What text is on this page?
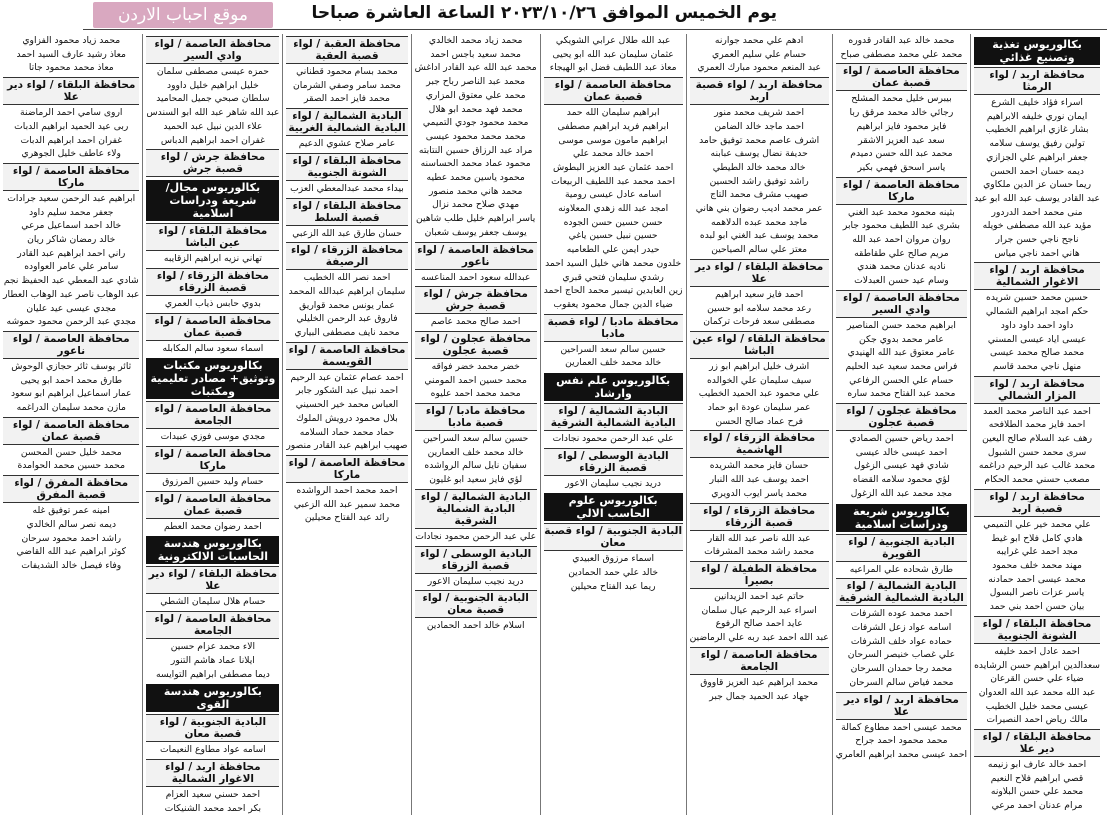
يوم الخميس الموافق ٢٠٢٣/١٠/٢٦ الساعة العاشرة صباحا
موقع احباب الاردن
بكالوريوس تغذية وتصنيع غذائي
محافظة اربد / لواء الرمثا
اسراء فؤاد خليف الشرع
ايمان نوري خليفه الابراهيم
بشار غازي ابراهيم الخطيب
تولين رفيق يوسف سلامه
جعفر ابراهيم علي الجزازي
ديمه حسان احمد الحسن
ريما حسان عز الدين ملكاوي
عبد القادر يوسف عبد الله ابو عيد
منى محمد احمد الدردور
مؤيد عبد الله مصطفى خويله
ناجح ناجي حسن جرار
هاني احمد ناجي مياس
محافظة اربد / لواء الاغوار الشمالية
حسين محمد حسين شريده
حكم امجد ابراهيم الشمالي
داود احمد داود داود
عيسى اياد عيسى المسني
محمد صالح محمد عيسى
منهل ناجي محمد قاسم
محافظة اربد / لواء المزار الشمالي
احمد عبد الناصر محمد العمد
احمد فايز محمد الطلافحه
رهف عبد السلام صالح اليعين
سرى محمد حسن الشبول
محمد غالب عبد الرحيم دراغمه
مصعب حسني محمد الحكام
محافظة اربد / لواء قصبة اربد
علي محمد خير علي التميمي
هادي كامل فلاح ابو غيط
مجد احمد علي غرايبه
مهند محمد خلف محمود
محمد عيسى احمد حمادنه
ياسر عزات ناصر البسول
بيان حسن احمد بني حمد
محافظة البلقاء / لواء الشونة الجنوبية
احمد عادل احمد خليفه
سعدالدين ابراهيم حسن الرشايده
ضياء علي حسن القرعان
عبد الله محمد عبد الله العدوان
عيسى محمد خليل الخطيب
مالك رياض احمد النصيرات
محافظة البلقاء / لواء دير علا
احمد خالد عارف ابو زنيمه
قصي ابراهيم فلاح النعيم
محمد علي حسن البلاونه
مرام عدنان احمد مرعي
محمد خالد عبد القادر قدوره
محمد علي محمد مصطفى صباح
محافظة العاصمة / لواء قصبة عمان
بيبرس خليل محمد المشلح
رجائي خالد محمد مرقق ربا
فايز محمود فايز ابراهيم
سعد عبد العزيز الاشقر
محمد عبد الله حسن دميدم
ياسر اسحق فهمي بكير
محافظة العاصمة / لواء ماركا
بثينه محمود محمد عبد الغني
بشرى عبد اللطيف محمود جابر
روان مروان احمد عبد الله
مريم صالح علي طقاطقه
ناديه عدنان محمد هندي
وسام عيد حسن العبدلات
محافظة العاصمة / لواء وادي السير
ابراهيم محمد حسن المناصير
عامر محمد بدوي جكن
عامر معتوق عبد الله الهنيدي
فراس محمد سعيد عبد الحليم
حسام علي الحسن الرفاعي
محمد عبد الفتاح محمد ساره
محافظة عجلون / لواء قصبة عجلون
احمد رياض حسين الصمادي
احمد عيسى خالد عيسى
شادي فهد عيسى الزغول
لؤي محمود سلامه القضاه
مجد محمد عبد الله الزغول
بكالوريوس شريعة ودراسات اسلامية
البادية الجنوبية / لواء القويرة
طارق شحاده علي المراعيه
البادية الشمالية / لواء البادية الشمالية الشرقية
احمد محمد عوده الشرفات
اسامه عواد زعل الشرفات
حماده عواد خلف الشرفات
علي غصاب خنيصر السرحان
محمد رجا حمدان السرحان
محمد فياض سالم السرحان
محافظة اربد / لواء دير علا
محمد عيسى احمد مطاوع كمالة
محمد محمود احمد جراح
احمد عيسى محمد ابراهيم العامري
ادهم علي محمد جوارنه
حسام علي سليم العمري
عبد المنعم محمود مبارك العمري
محافظة اربد / لواء قصبة اربد
احمد شريف محمد منور
احمد ماجد خالد الضامن
اشرف عاصم محمد توفيق حامد
حديفة نضال يوسف عبابنه
خالد محمد خالد الطيطي
راشد توفيق راشد الحسين
صهيب مشرف محمد التاج
عمر محمد اديب رضوان بني هاني
ماجد محمد عبده الدلاهمه
محمد يوسف عبد الغني ابو لبده
معتز علي سالم الصياحين
محافظة البلقاء / لواء دير علا
احمد فايز سعيد ابراهيم
رعد محمد سلامه ابو حسين
مصطفى سعد فرحات تركمان
محافظة البلقاء / لواء عين الباشا
اشرف خليل ابراهيم ابو زر
سيف سليمان علي الخوالده
علي محمود عبد الحميد الخطيب
عمر سليمان عودة ابو حماد
فرح عماد صالح الحسن
محافظة الزرقاء / لواء الهاشمية
حسان فايز محمد الشريده
احمد يوسف عبد الله النبار
محمد ياسر ايوب الدويري
محافظة الزرقاء / لواء قصبة الزرقاء
عبد الله ناصر عبد الله القار
محمد راشد محمد المشرفات
محافظة الطفيلة / لواء بصيرا
حاتم عيد احمد الزيدانين
اسراء عبد الرحيم عيال سلمان
عايد احمد صالح الرفوع
عبد الله احمد عبد ربه علي الرماضين
محافظة العاصمة / لواء الجامعة
محمد ابراهيم عبد العزيز قاووق
جهاد عبد الحميد جمال جبر
عبد الله طلال عرابي الشويكي
عثمان سليمان عبد الله ابو يحيى
معاذ عبد اللطيف فضل ابو الهيجاء
محافظة العاصمة / لواء قصبة عمان
ابراهيم سليمان الله حمد
ابراهيم فريد ابراهيم مصطفى
ابراهيم مامون موسى موسى
احمد خالد محمد علي
احمد عثمان عبد العزيز البطوش
احمد محمد عبد اللطيف الربيعات
اسامه عادل عيسى رومية
امجد عبد الله زهدي المعلاونه
حسن حسين حسن الجوده
حسين نبيل حسين ياغي
حيدر ايمن علي الطعاميه
خلدون محمد هاني خليل السيد احمد
رشدي سليمان فتحي قبري
زين العابدين تيسير محمد الحاج احمد
ضياء الدين جمال محمود يعقوب
محافظة مادبا / لواء قصبة مادبا
حسين سالم سعد السراحين
خالد محمد خلف العمارين
بكالوريوس علم نفس وارشاد
البادية الشمالية / لواء البادية الشمالية الشرقية
علي عبد الرحمن محمود نجادات
البادية الوسطى / لواء قصبة الزرقاء
دريد نجيب سليمان الاعور
بكالوريوس علوم الحاسب الالي
البادية الجنوبية / لواء قصبة معان
اسماء مرزوق العبيدي
خالد علي حمد الحمادين
ريما عبد الفتاح محيلين
محمد زياد محمد الخالدي
محمد سعيد باجس احمد
محمد عبد الله عبد القادر اداغش
محمد عبد الناصر رباح جبر
محمد علي معتوق المزاري
محمد فهد محمد ابو هلال
محمد محمود جودي التميمي
محمد محمد محمود عيسى
مراد عبد الرزاق حسين النتابته
محمود عماد محمد الحساسنه
محمود ياسين محمد عطيه
محمد هاني محمد منصور
مهدي صلاح محمد نزال
ياسر ابراهيم خليل طلب شاهين
يوسف جعفر يوسف شعبان
محافظة العاصمة / لواء ناعور
عبدالله سعود احمد المناعسه
محافظة جرش / لواء قصبة جرش
احمد صالح محمد عاصم
محافظة عجلون / لواء قصبة عجلون
خضر محمد خضر فواقه
محمد حسين احمد المومني
محمد محمد احمد عليوه
محافظة مادبا / لواء قصبة مادبا
حسين سالم سعد السراحين
خالد محمد خلف العمارين
سفيان نايل سالم الرواشده
لؤي فايز سعيد ابو غليون
البادية الشمالية / لواء البادية الشمالية الشرقية
علي عبد الرحمن محمود نجادات
البادية الوسطى / لواء قصبة الزرقاء
دريد نجيب سليمان الاعور
البادية الجنوبية / لواء قصبة معان
اسلام خالد احمد الحمادين
محافظة العقبة / لواء قصبة العقبة
محمد بسام محمود قطناني
محمد سامر وصفي الشرمان
محمد فايز احمد الصقر
البادية الشمالية / لواء البادية الشمالية الغربية
عامر صلاح عشوي الدعيم
محافظة البلقاء / لواء الشونة الجنوبية
بيداء محمد عبدالمعطي العزب
محافظة البلقاء / لواء قصبة السلط
حسان طارق عبد الله الزعبي
محافظة الزرقاء / لواء الرصيفة
احمد نصر الله الخطيب
سليمان ابراهيم عبدالله المحمد
عمار يونس محمد قواريق
فاروق عبد الرحمن الخليلي
محمد نايف مصطفى البياري
محافظة العاصمة / لواء القويسمة
احمد عصام عثمان عبد الرحيم
احمد نبيل عبد الشكور جابر
العباس محمد خير الحسيني
بلال محمود درويش الملوك
حماد محمد حماد السلامه
صهيب ابراهيم عبد القادر منصور
محافظة العاصمة / لواء ماركا
احمد محمد احمد الرواشده
محمد سمير عبد الله الزعبي
رائد عبد الفتاح محيلين
محافظة العاصمة / لواء وادي السير
حمزه عيسى مصطفى سلمان
خليل ابراهيم خليل داوود
سلطان صبحي جميل المحاميد
عبد الله شاهر عبد الله ابو السندس
علاء الدين نبيل عبد الحميد
غفران احمد ابراهيم الدباس
محافظة جرش / لواء قصبة جرش
بكالوريوس مجال/شريعة ودراسات اسلامية
محافظة البلقاء / لواء عين الباشا
تهاني نزيه ابراهيم الزقايبه
محافظة الزرقاء / لواء قصبة الزرقاء
بدوي حابس ذياب العمري
محافظة العاصمة / لواء قصبة عمان
اسماء سعود سالم المكابله
بكالوريوس مكتبات وتوثيق+ مصادر تعليمية ومكتبات
محافظة العاصمة / لواء الجامعة
مجدي موسى فوزي عبيدات
محافظة العاصمة / لواء ماركا
حسام وليد حسين المرزوق
محافظة العاصمة / لواء قصبة عمان
احمد رضوان محمد العطم
بكالوريوس هندسة الحاسبات الالكترونية
محافظة البلقاء / لواء دير علا
حسام هلال سليمان الشطي
محافظة العاصمة / لواء الجامعة
الاء محمد عزام حسين
ايلانا عماد هاشم التنور
ديما مصطفى ابراهيم التوايسه
بكالوريوس هندسة القوى
البادية الجنوبية / لواء قصبة معان
اسامه عواد مطاوع النعيمات
محافظة اربد / لواء الاغوار الشمالية
احمد حسني سعيد العزام
بكر احمد محمد الشنيكات
محمد زياد محمود الفزاوي
معاذ رشيد عارف السيد احمد
معاذ محمد محمود جاتا
محافظة البلقاء / لواء دير علا
اروى سامي احمد الرماضنة
ربى عيد الحميد ابراهيم الدبات
غفران احمد ابراهيم الدبات
ولاء عاطف خليل الجوهري
محافظة العاصمة / لواء ماركا
ابراهيم عبد الرحمن سعيد جرادات
جعفر محمد سليم داود
خالد احمد اسماعيل مرعي
خالد رمضان شاكر ريان
راني احمد ابراهيم عبد القادر
سامر علي عامر العواوده
شادي عبد المعطي عبد الحفيظ نجم
عبد الوهاب ناصر عبد الوهاب العطار
مجدي عيسى عيد عليان
مجدي عبد الرحمن محمود حموشه
محافظة العاصمة / لواء ناعور
ثائر يوسف ثائر حجازي الوحوش
طارق محمد احمد ابو يحيى
عمار اسماعيل ابراهيم ابو سعود
مازن محمد سليمان الدراغمه
محافظة العاصمة / لواء قصبة عمان
محمد خليل حسن المحسن
محمد حسين محمد الحوامدة
محافظة المفرق / لواء قصبة المفرق
امينه عمر توفيق غله
ديمه نصر سالم الخالدي
راشد احمد محمود سرحان
كوثر ابراهيم عبد الله القاضي
وفاء فيصل خالد الشديفات
